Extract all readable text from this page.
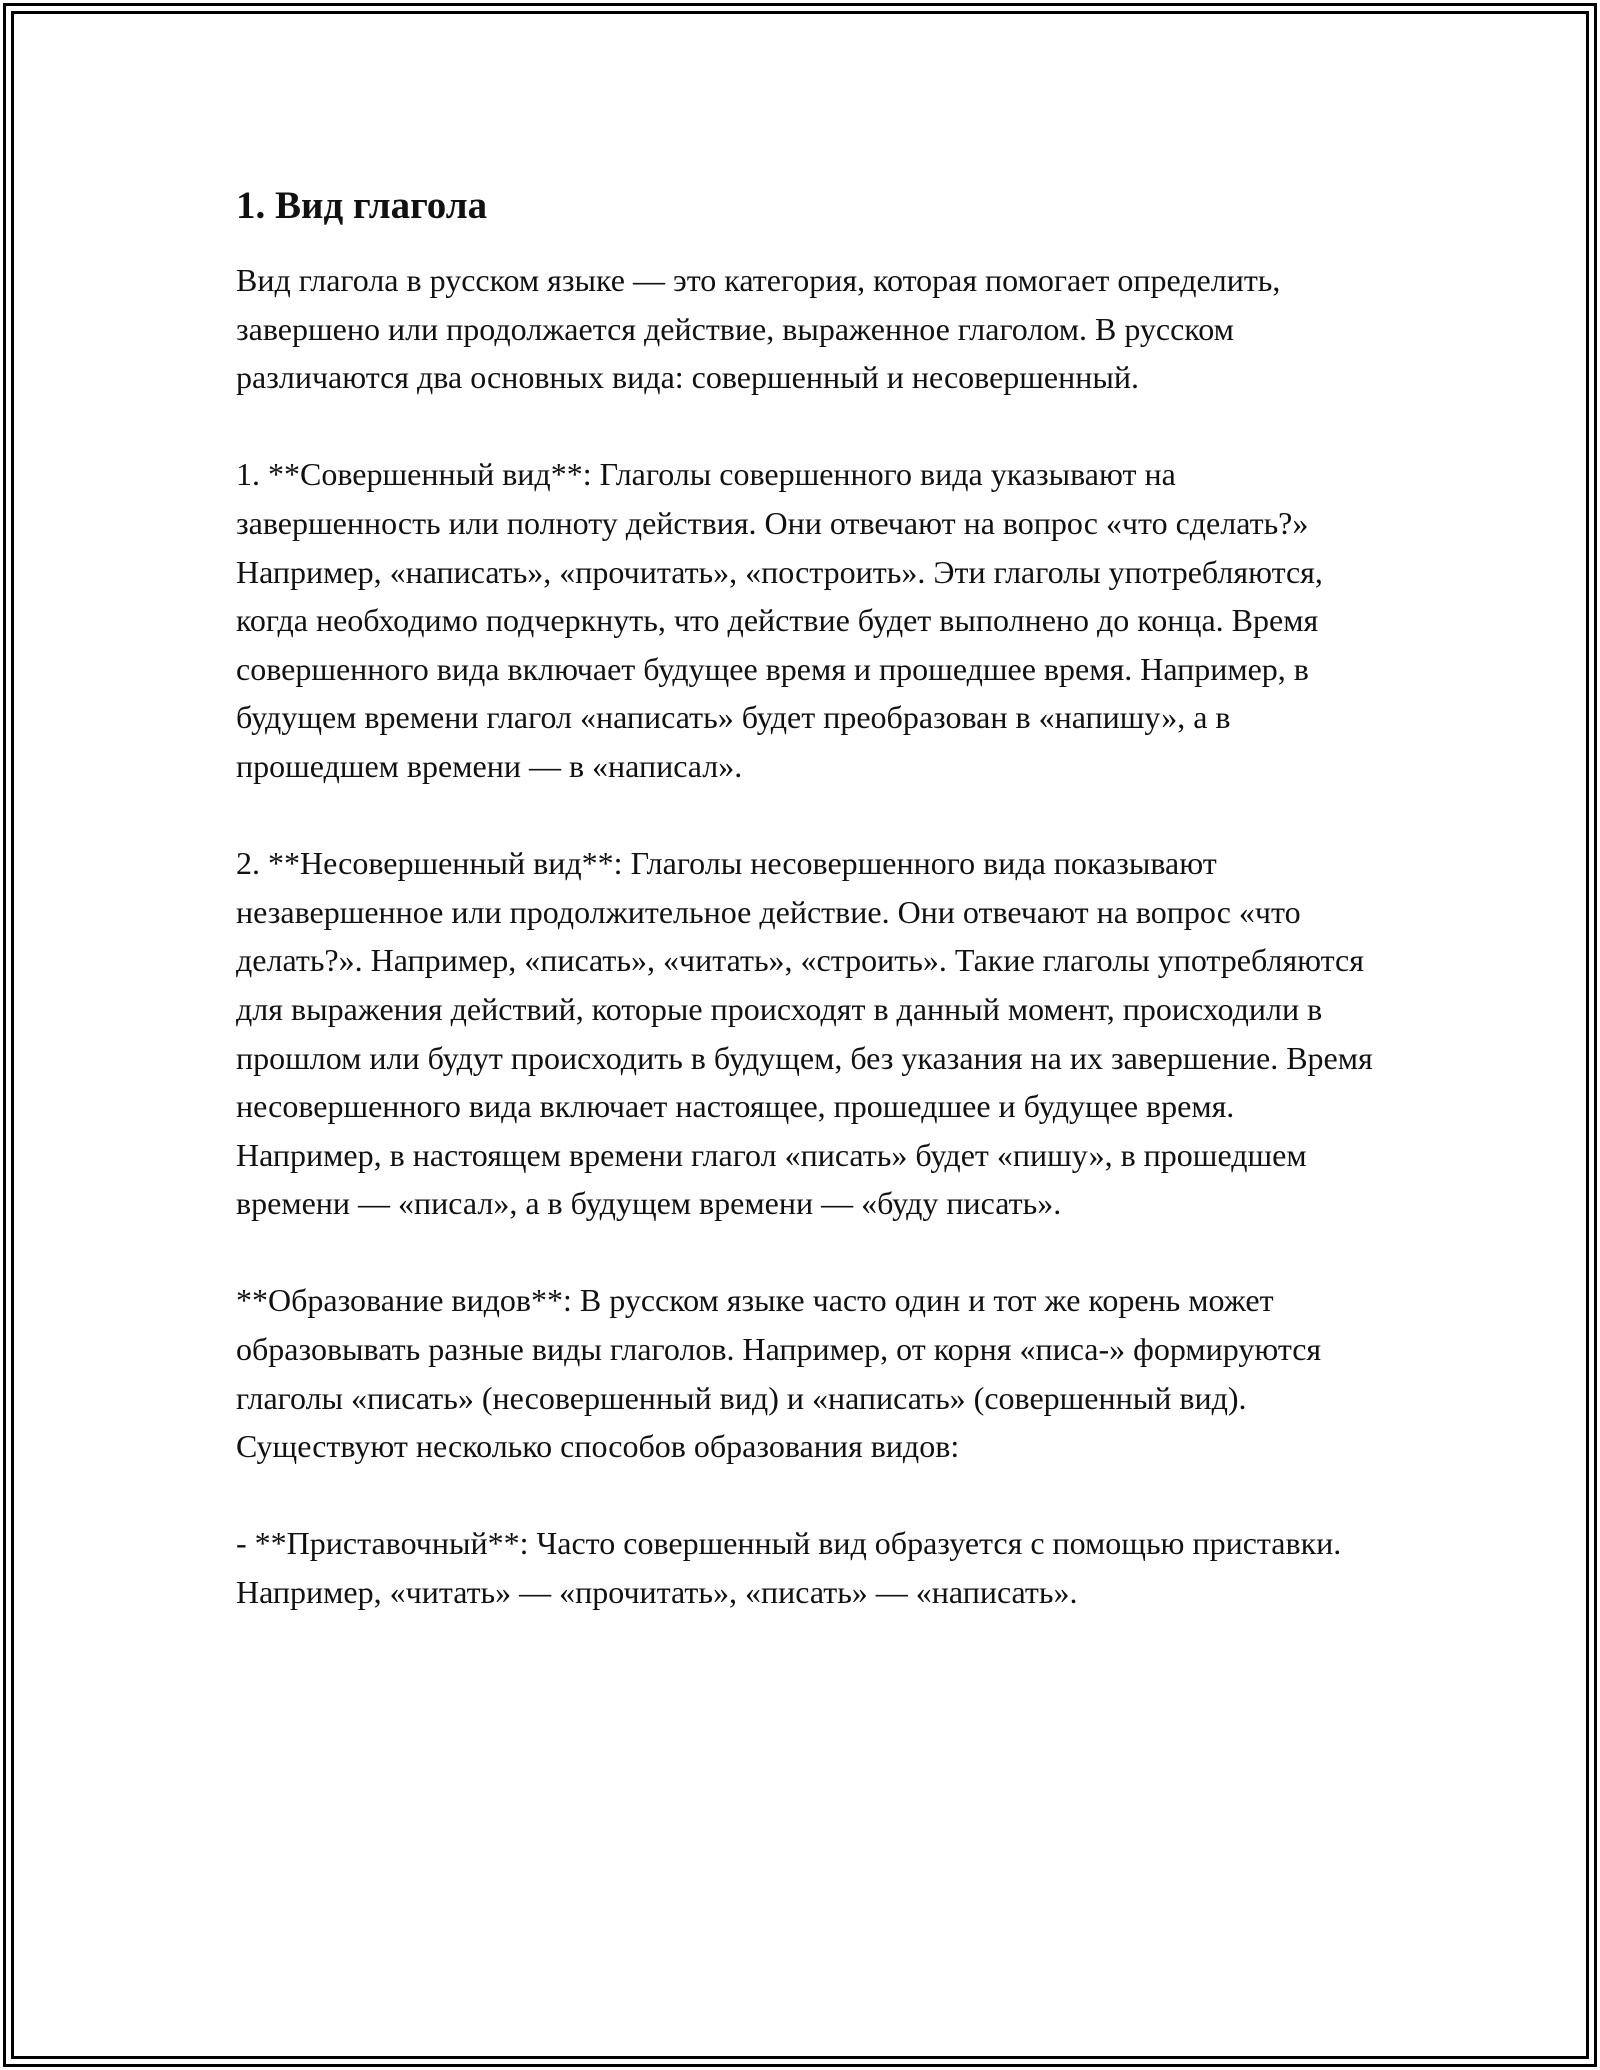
1. Вид глагола

Вид глагола в русском языке — это категория, которая помогает определить, завершено или продолжается действие, выраженное глаголом. В русском различаются два основных вида: совершенный и несовершенный.

1. **Совершенный вид**: Глаголы совершенного вида указывают на завершенность или полноту действия. Они отвечают на вопрос «что сделать?» Например, «написать», «прочитать», «построить». Эти глаголы употребляются, когда необходимо подчеркнуть, что действие будет выполнено до конца. Время совершенного вида включает будущее время и прошедшее время. Например, в будущем времени глагол «написать» будет преобразован в «напишу», а в прошедшем времени — в «написал».

2. **Несовершенный вид**: Глаголы несовершенного вида показывают незавершенное или продолжительное действие. Они отвечают на вопрос «что делать?». Например, «писать», «читать», «строить». Такие глаголы употребляются для выражения действий, которые происходят в данный момент, происходили в прошлом или будут происходить в будущем, без указания на их завершение. Время несовершенного вида включает настоящее, прошедшее и будущее время. Например, в настоящем времени глагол «писать» будет «пишу», в прошедшем времени — «писал», а в будущем времени — «буду писать».

**Образование видов**: В русском языке часто один и тот же корень может образовывать разные виды глаголов. Например, от корня «писа-» формируются глаголы «писать» (несовершенный вид) и «написать» (совершенный вид). Существуют несколько способов образования видов:

- **Приставочный**: Часто совершенный вид образуется с помощью приставки. Например, «читать» — «прочитать», «писать» — «написать».
